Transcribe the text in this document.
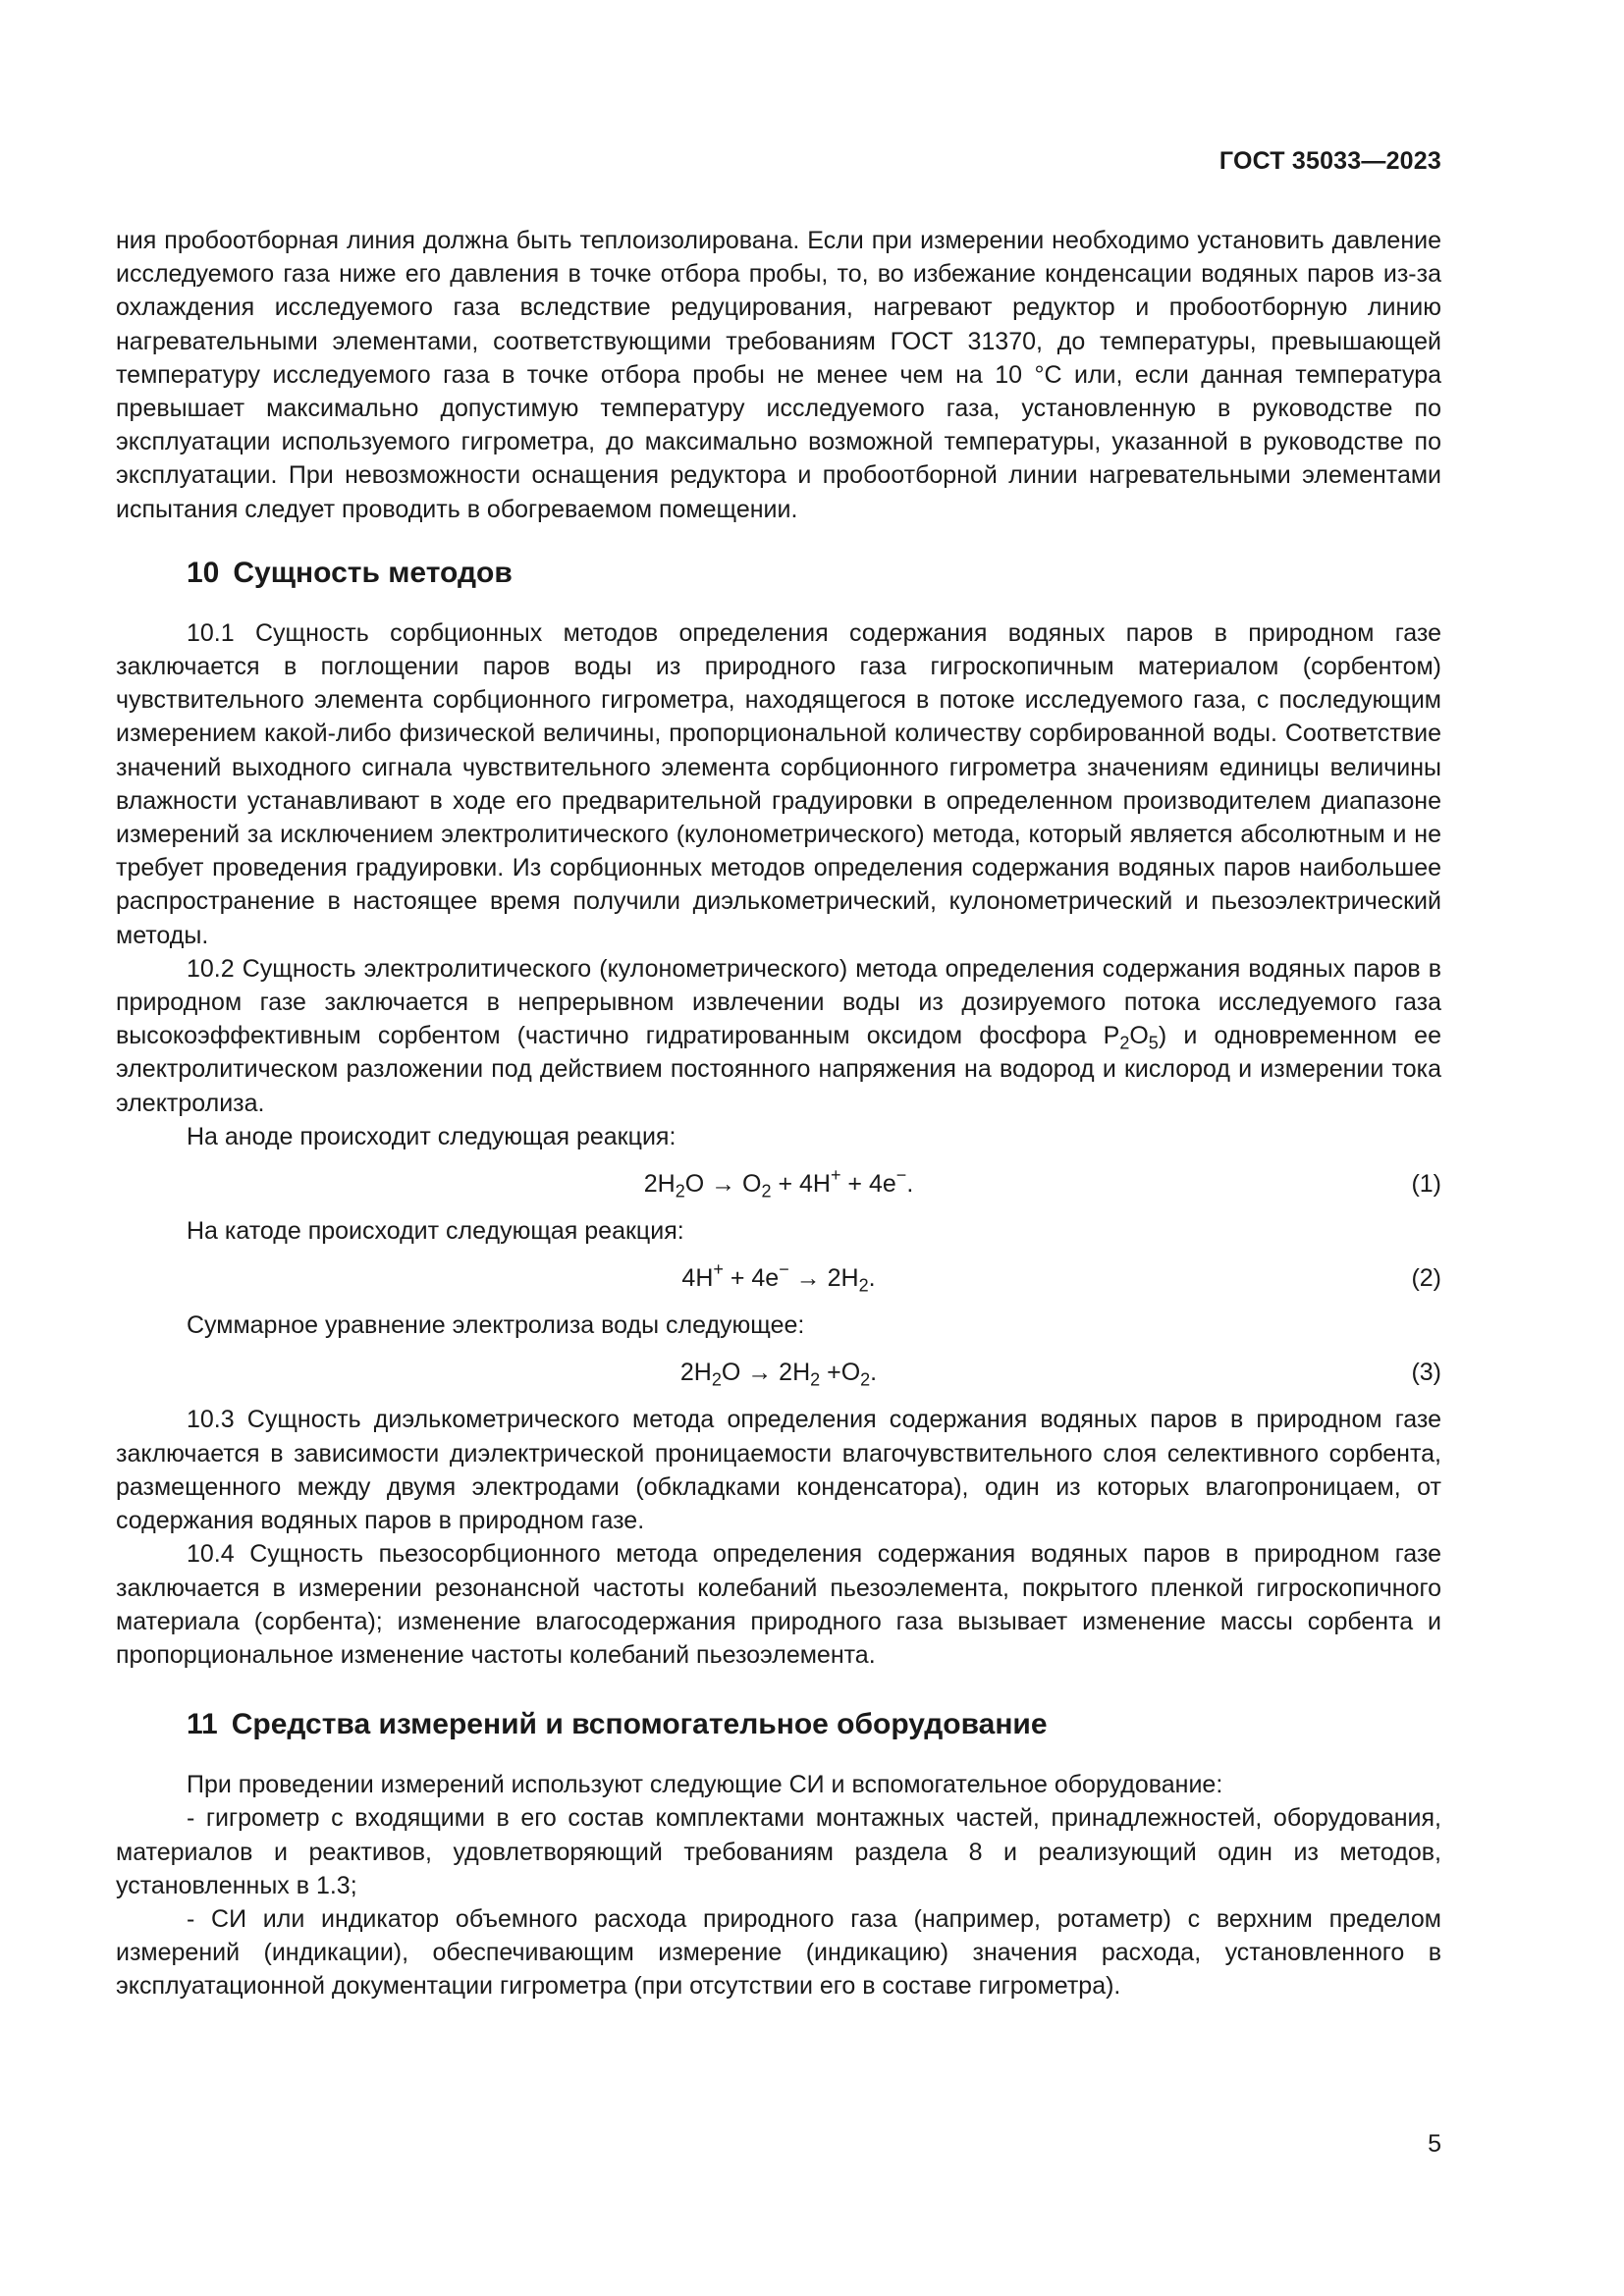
ГОСТ 35033—2023

ния пробоотборная линия должна быть теплоизолирована. Если при измерении необходимо установить давление исследуемого газа ниже его давления в точке отбора пробы, то, во избежание конденсации водяных паров из-за охлаждения исследуемого газа вследствие редуцирования, нагревают редуктор и пробоотборную линию нагревательными элементами, соответствующими требованиям ГОСТ 31370, до температуры, превышающей температуру исследуемого газа в точке отбора пробы не менее чем на 10 °С или, если данная температура превышает максимально допустимую температуру исследуемого газа, установленную в руководстве по эксплуатации используемого гигрометра, до максимально возможной температуры, указанной в руководстве по эксплуатации. При невозможности оснащения редуктора и пробоотборной линии нагревательными элементами испытания следует проводить в обогреваемом помещении.

10 Сущность методов

10.1 Сущность сорбционных методов определения содержания водяных паров в природном газе заключается в поглощении паров воды из природного газа гигроскопичным материалом (сорбентом) чувствительного элемента сорбционного гигрометра, находящегося в потоке исследуемого газа, с последующим измерением какой-либо физической величины, пропорциональной количеству сорбированной воды. Соответствие значений выходного сигнала чувствительного элемента сорбционного гигрометра значениям единицы величины влажности устанавливают в ходе его предварительной градуировки в определенном производителем диапазоне измерений за исключением электролитического (кулонометрического) метода, который является абсолютным и не требует проведения градуировки. Из сорбционных методов определения содержания водяных паров наибольшее распространение в настоящее время получили диэлькометрический, кулонометрический и пьезоэлектрический методы.

10.2 Сущность электролитического (кулонометрического) метода определения содержания водяных паров в природном газе заключается в непрерывном извлечении воды из дозируемого потока исследуемого газа высокоэффективным сорбентом (частично гидратированным оксидом фосфора $P_2O_5$) и одновременном ее электролитическом разложении под действием постоянного напряжения на водород и кислород и измерении тока электролиза.

На аноде происходит следующая реакция:

$2H_2O \to O_2 + 4H^+ + 4e^-$.	(1)

На катоде происходит следующая реакция:

$4H^+ + 4e^- \to 2H_2$.	(2)

Суммарное уравнение электролиза воды следующее:

$2H_2O \to 2H_2 +O_2$.	(3)

10.3 Сущность диэлькометрического метода определения содержания водяных паров в природном газе заключается в зависимости диэлектрической проницаемости влагочувствительного слоя селективного сорбента, размещенного между двумя электродами (обкладками конденсатора), один из которых влагопроницаем, от содержания водяных паров в природном газе.

10.4 Сущность пьезосорбционного метода определения содержания водяных паров в природном газе заключается в измерении резонансной частоты колебаний пьезоэлемента, покрытого пленкой гигроскопичного материала (сорбента); изменение влагосодержания природного газа вызывает изменение массы сорбента и пропорциональное изменение частоты колебаний пьезоэлемента.

11 Средства измерений и вспомогательное оборудование

При проведении измерений используют следующие СИ и вспомогательное оборудование:

- гигрометр с входящими в его состав комплектами монтажных частей, принадлежностей, оборудования, материалов и реактивов, удовлетворяющий требованиям раздела 8 и реализующий один из методов, установленных в 1.3;

- СИ или индикатор объемного расхода природного газа (например, ротаметр) с верхним пределом измерений (индикации), обеспечивающим измерение (индикацию) значения расхода, установленного в эксплуатационной документации гигрометра (при отсутствии его в составе гигрометра).

5
